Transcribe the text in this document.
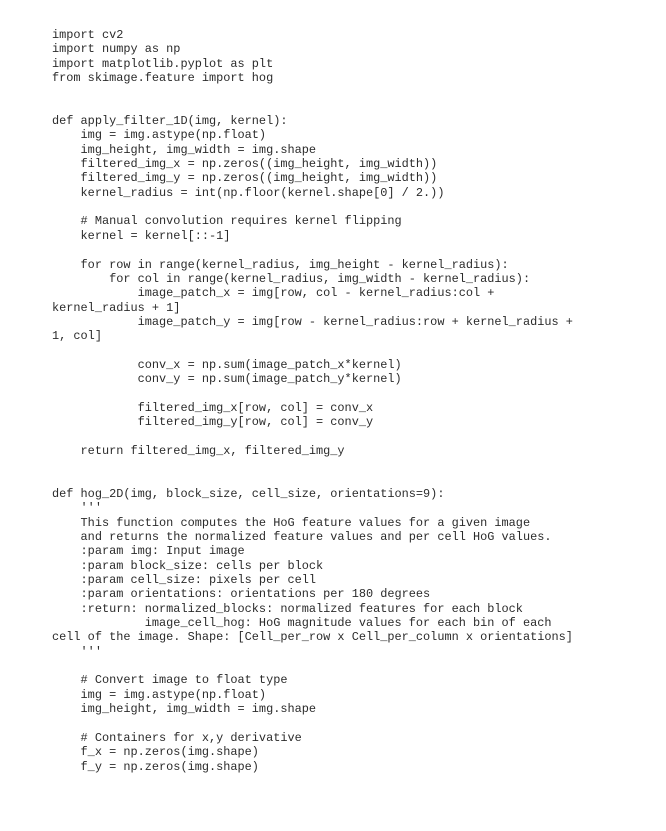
import cv2
import numpy as np
import matplotlib.pyplot as plt
from skimage.feature import hog
def apply_filter_1D(img, kernel):
img = img.astype(np.float)
img_height, img_width = img.shape
filtered_img_x = np.zeros((img_height, img_width))
filtered_img_y = np.zeros((img_height, img_width))
kernel_radius = int(np.floor(kernel.shape[0] / 2.))
# Manual convolution requires kernel flipping
kernel = kernel[::-1]
for row in range(kernel_radius, img_height - kernel_radius):
for col in range(kernel_radius, img_width - kernel_radius):
image_patch_x = img[row, col - kernel_radius:col +
kernel_radius + 1]
image_patch_y = img[row - kernel_radius:row + kernel_radius +
1, col]
conv_x = np.sum(image_patch_x*kernel)
conv_y = np.sum(image_patch_y*kernel)
filtered_img_x[row, col] = conv_x
filtered_img_y[row, col] = conv_y
return filtered_img_x, filtered_img_y
def hog_2D(img, block_size, cell_size, orientations=9):
'''
This function computes the HoG feature values for a given image
and returns the normalized feature values and per cell HoG values.
:param img: Input image
:param block_size: cells per block
:param cell_size: pixels per cell
:param orientations: orientations per 180 degrees
:return: normalized_blocks: normalized features for each block
image_cell_hog: HoG magnitude values for each bin of each
cell of the image. Shape: [Cell_per_row x Cell_per_column x orientations]
'''
# Convert image to float type
img = img.astype(np.float)
img_height, img_width = img.shape
# Containers for x,y derivative
f_x = np.zeros(img.shape)
f_y = np.zeros(img.shape)
